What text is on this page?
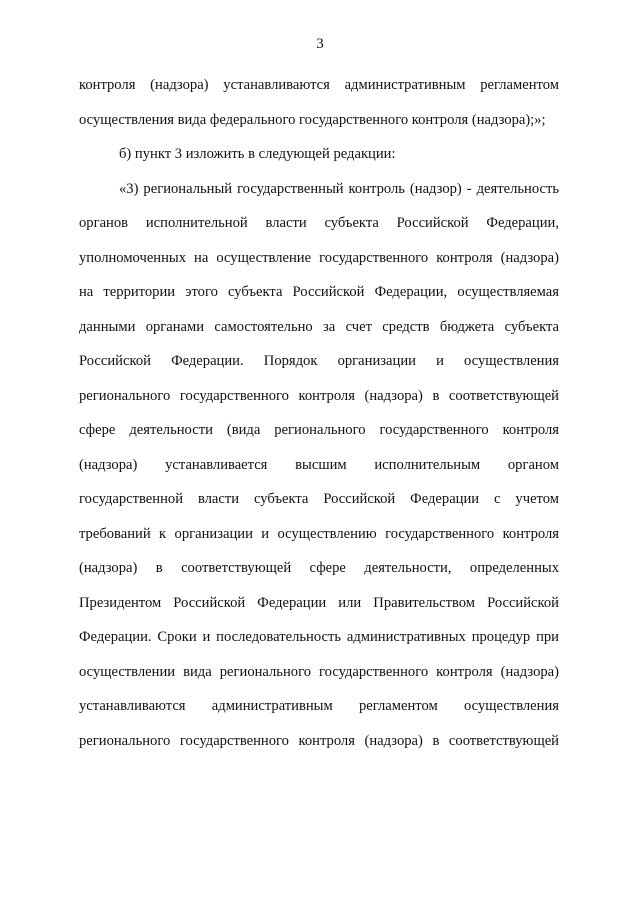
3
контроля (надзора) устанавливаются административным регламентом
осуществления вида федерального государственного контроля (надзора);»;
б) пункт 3 изложить в следующей редакции:
«3) региональный государственный контроль (надзор) - деятельность
органов исполнительной власти субъекта Российской Федерации,
уполномоченных на осуществление государственного контроля (надзора)
на территории этого субъекта Российской Федерации, осуществляемая
данными органами самостоятельно за счет средств бюджета субъекта
Российской Федерации. Порядок организации и осуществления
регионального государственного контроля (надзора) в соответствующей
сфере деятельности (вида регионального государственного контроля
(надзора) устанавливается высшим исполнительным органом
государственной власти субъекта Российской Федерации с учетом
требований к организации и осуществлению государственного контроля
(надзора) в соответствующей сфере деятельности, определенных
Президентом Российской Федерации или Правительством Российской
Федерации. Сроки и последовательность административных процедур при
осуществлении вида регионального государственного контроля (надзора)
устанавливаются административным регламентом осуществления
регионального государственного контроля (надзора) в соответствующей
